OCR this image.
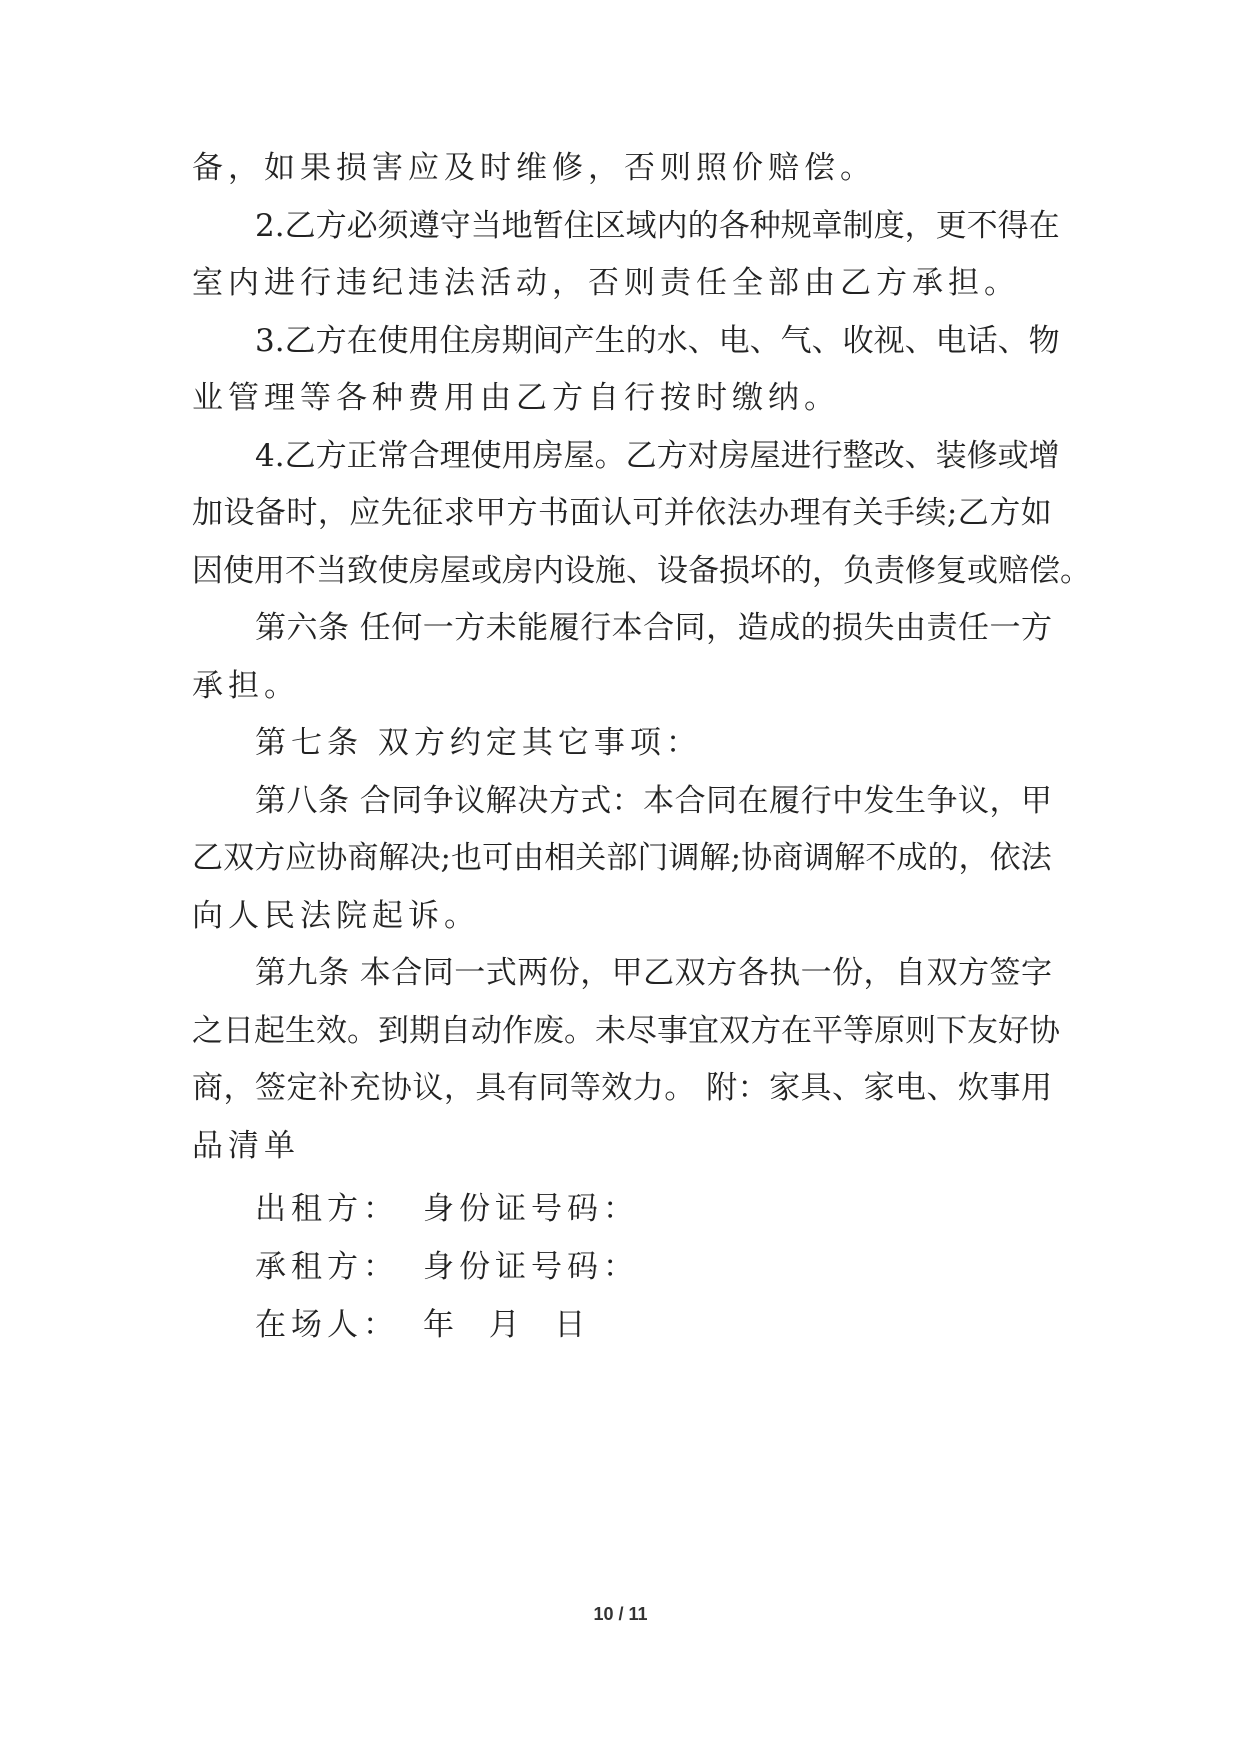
备，如果损害应及时维修，否则照价赔偿。
2 . 乙 方 必 须 遵 守 当 地 暂 住 区 域 内 的 各 种 规 章 制 度 ， 更 不 得 在
室内进行违纪违法活动，否则责任全部由乙方承担。
3 . 乙 方 在 使 用 住 房 期 间 产 生 的 水 、 电 、 气 、 收 视 、 电 话 、 物
业管理等各种费用由乙方自行按时缴纳。
4 . 乙 方 正 常 合 理 使 用 房 屋 。 乙 方 对 房 屋 进 行 整 改 、 装 修 或 增
加 设 备 时 ， 应 先 征 求 甲 方 书 面 认 可 并 依 法 办 理 有 关 手 续 ; 乙 方 如
因 使 用 不 当 致 使 房 屋 或 房 内 设 施 、 设 备 损 坏 的 ， 负 责 修 复 或 赔 偿 。
第 六 条
任 何 一 方 未 能 履 行 本 合 同 ， 造 成 的 损 失 由 责 任 一 方
承担。
第七条 双方约定其它事项：
第 八 条
合 同 争 议 解 决 方 式 ： 本 合 同 在 履 行 中 发 生 争 议 ， 甲
乙 双 方 应 协 商 解 决 ; 也 可 由 相 关 部 门 调 解 ; 协 商 调 解 不 成 的 ， 依 法
向人民法院起诉。
第 九 条
本 合 同 一 式 两 份 ， 甲 乙 双 方 各 执 一 份 ， 自 双 方 签 字
之 日 起 生 效 。 到 期 自 动 作 废 。 未 尽 事 宜 双 方 在 平 等 原 则 下 友 好 协
商 ， 签 定 补 充 协 议 ， 具 有 同 等 效 力 。
附 ： 家 具 、 家 电 、 炊 事 用
品清单
出租方： 身份证号码：
承租方： 身份证号码：
在场人： 年  月  日
10 / 11
